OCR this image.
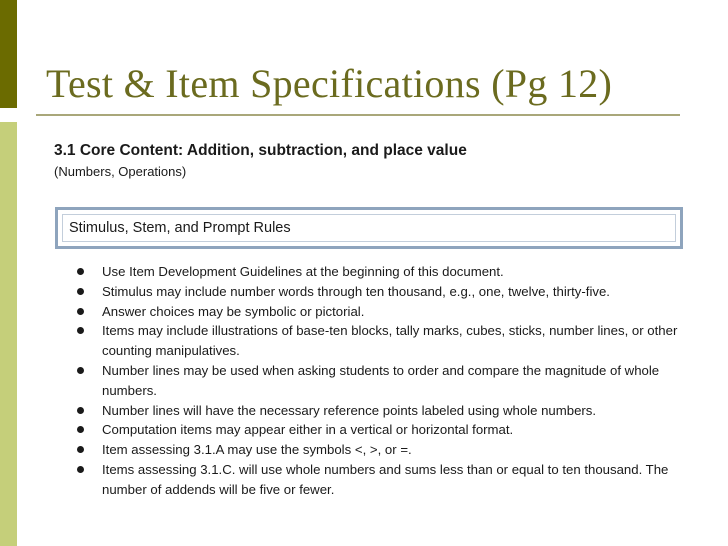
Test & Item Specifications (Pg 12)
3.1 Core Content: Addition, subtraction, and place value
(Numbers, Operations)
Stimulus, Stem, and Prompt Rules
Use Item Development Guidelines at the beginning of this document.
Stimulus may include number words through ten thousand, e.g., one, twelve, thirty-five.
Answer choices may be symbolic or pictorial.
Items may include illustrations of base-ten blocks, tally marks, cubes, sticks, number lines, or other counting manipulatives.
Number lines may be used when asking students to order and compare the magnitude of whole numbers.
Number lines will have the necessary reference points labeled using whole numbers.
Computation items may appear either in a vertical or horizontal format.
Item assessing 3.1.A may use the symbols <, >, or =.
Items assessing 3.1.C. will use whole numbers and sums less than or equal to ten thousand. The number of addends will be five or fewer.
